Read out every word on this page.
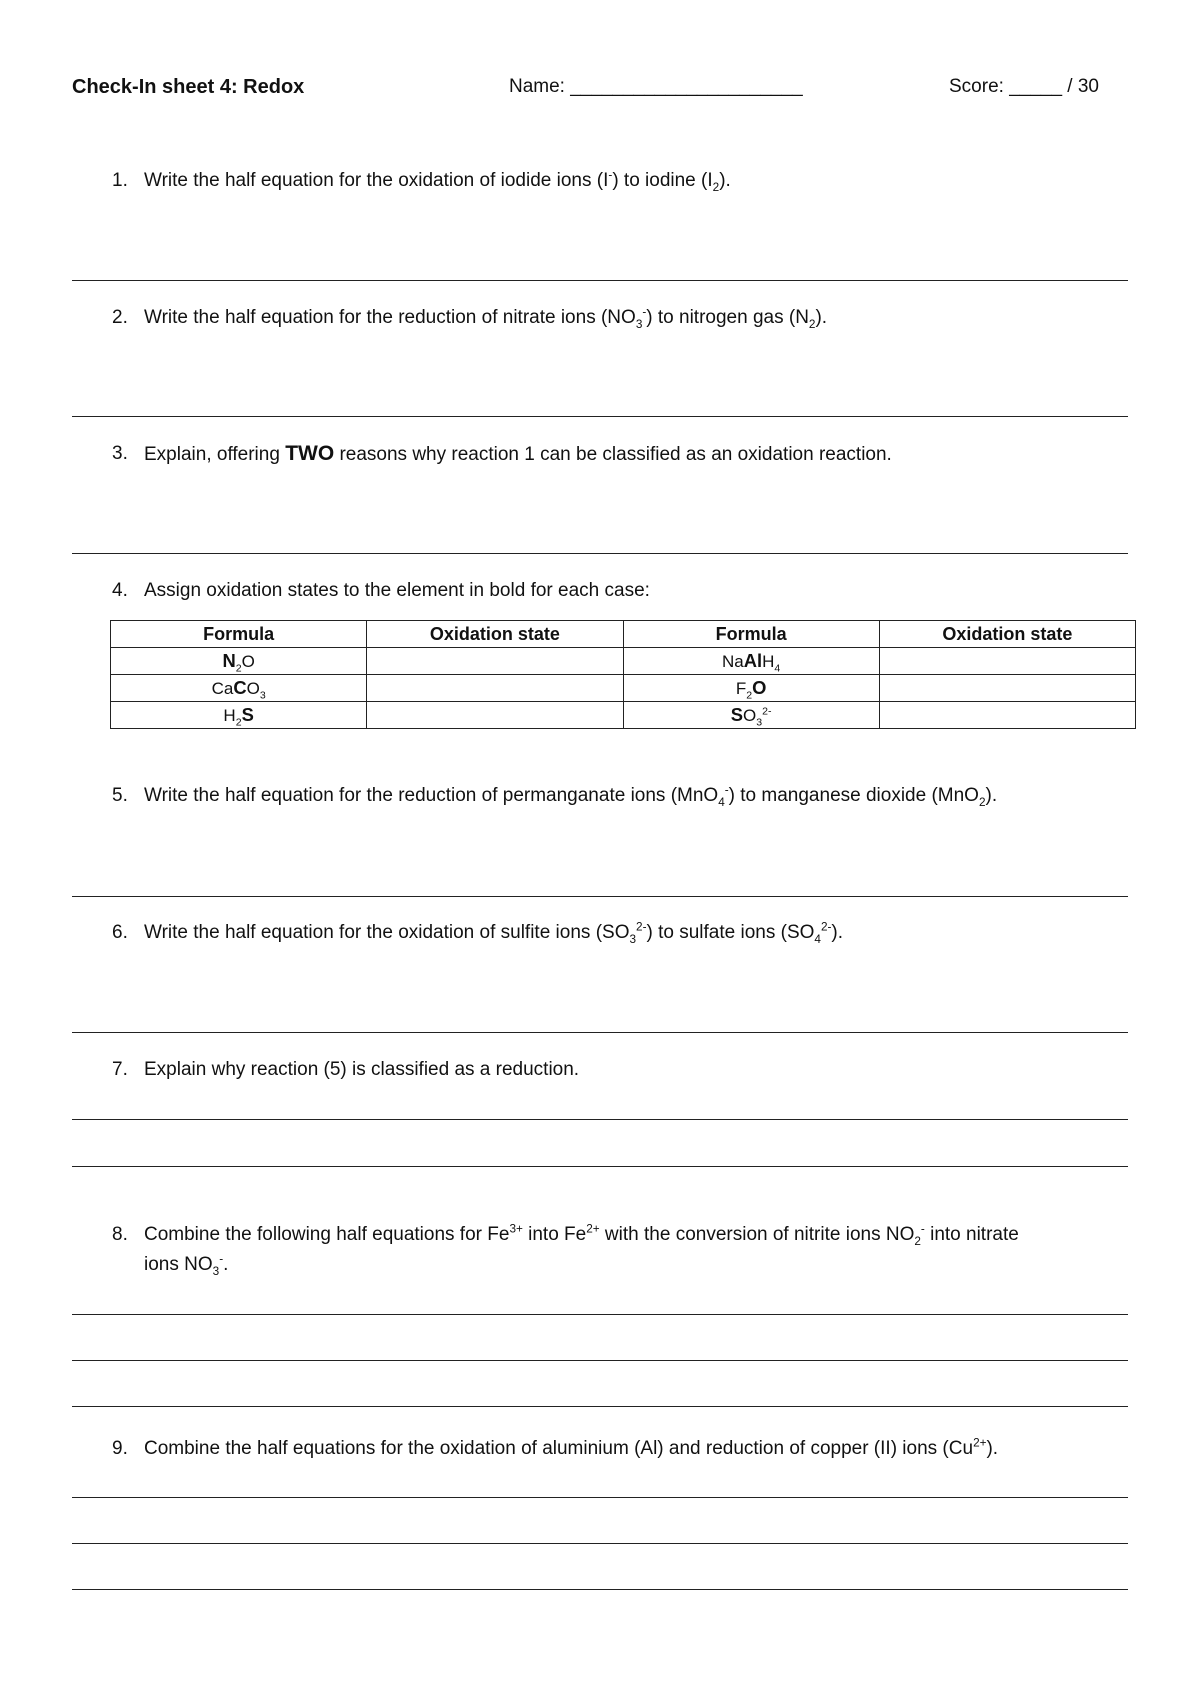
Check-In sheet 4: Redox	Name: ______________________	Score: _____ / 30
1. Write the half equation for the oxidation of iodide ions (I-) to iodine $(I_2)$.
2. Write the half equation for the reduction of nitrate ions $(NO_3^-)$ to nitrogen gas $(N_2)$.
3. Explain, offering TWO reasons why reaction 1 can be classified as an oxidation reaction.
4. Assign oxidation states to the element in bold for each case:
Formula	Oxidation state	Formula	Oxidation state
$N_2O$		NaAlH$_4$	
CaCO$_3$		$F_2O$	
$H_2S$		$SO_3^{2-}$	
5. Write the half equation for the reduction of permanganate ions (MnO$_4$-) to manganese dioxide (MnO$_2$).
6. Write the half equation for the oxidation of sulfite ions $(SO_3^{2-})$ to sulfate ions $(SO_4^{2-})$.
7. Explain why reaction (5) is classified as a reduction.
8. Combine the following half equations for $Fe^{3+}$ into $Fe^{2+}$ with the conversion of nitrite ions $NO_2^-$ into nitrate
ions $NO_3^-$.
9. Combine the half equations for the oxidation of aluminium (Al) and reduction of copper (II) ions $(Cu^{2+})$.
